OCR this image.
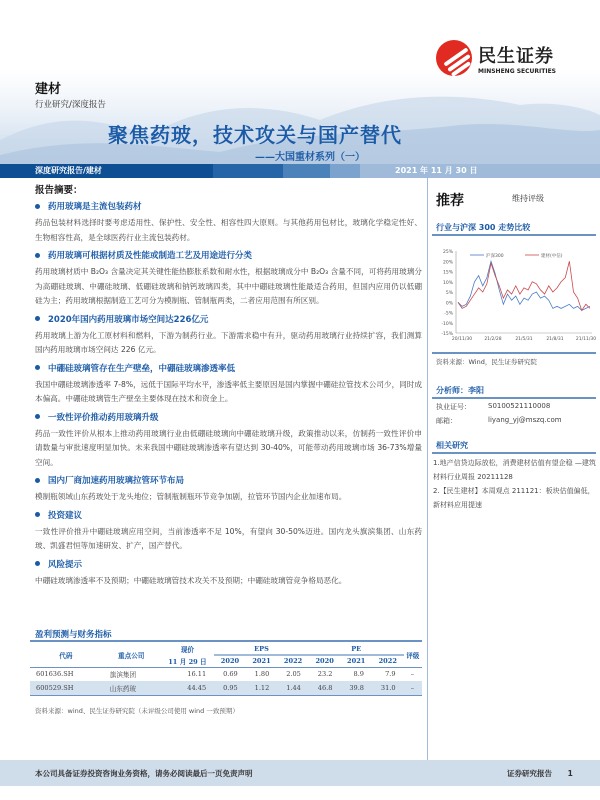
民生证券
MINSHENG SECURITIES
建材
行业研究/深度报告
聚焦药玻，技术攻关与国产替代
——大国重材系列（一）
深度研究报告/建材	2021 年 11 月 30 日
报告摘要：
药用玻璃是主流包装药材

药品包装材料选择时要考虑适用性、保护性、安全性、相容性四大原则。与其他药用包材比，玻璃化学稳定性好、生物相容性高，是全球医药行业主流包装药材。

药用玻璃可根据材质及性能或制造工艺及用途进行分类

药用玻璃材质中 B₂O₃ 含量决定其关键性能热膨胀系数和耐水性，根据玻璃成分中 B₂O₃ 含量不同，可将药用玻璃分为高硼硅玻璃、中硼硅玻璃、低硼硅玻璃和钠钙玻璃四类，其中中硼硅玻璃性能最适合药用，但国内应用仍以低硼硅为主；药用玻璃根据制造工艺可分为模制瓶、管制瓶两类，二者应用范围有所区别。

2020年国内药用玻璃市场空间达226亿元

药用玻璃上游为化工原材料和燃料，下游为制药行业。下游需求稳中有升，驱动药用玻璃行业持续扩容，我们测算国内药用玻璃市场空间达 226 亿元。

中硼硅玻璃管存在生产壁垒，中硼硅玻璃渗透率低

我国中硼硅玻璃渗透率 7-8%，远低于国际平均水平，渗透率低主要原因是国内掌握中硼硅拉管技术公司少，同时成本偏高。中硼硅玻璃管生产壁垒主要体现在技术和资金上。

一致性评价推动药用玻璃升级

药品一致性评价从根本上推动药用玻璃行业由低硼硅玻璃向中硼硅玻璃升级，政策推动以来，仿制药一致性评价申请数量与审批速度明显加快。未来我国中硼硅玻璃渗透率有望达到 30-40%，可能带动药用玻璃市场 36-73%增量空间。

国内厂商加速药用玻璃拉管环节布局

模制瓶领域山东药玻处于龙头地位；管制瓶制瓶环节竞争加剧，拉管环节国内企业加速布局。

投资建议

一致性评价推升中硼硅玻璃应用空间，当前渗透率不足 10%，有望向 30-50%迈进。国内龙头旗滨集团、山东药玻、凯盛君恒等加速研发、扩产，国产替代。

风险提示

中硼硅玻璃渗透率不及预期；中硼硅玻璃管技术攻关不及预期；中硼硅玻璃管竞争格局恶化。

盈利预测与财务指标
代码	重点公司	现价	EPS			PE			评级
		11 月 29 日	2020	2021	2022	2020	2021	2022	
601636.SH	旗滨集团	16.11	0.69	1.80	2.05	23.2	8.9	7.9	–
600529.SH	山东药玻	44.45	0.95	1.12	1.44	46.8	39.8	31.0	–
资料来源：wind、民生证券研究院（未评级公司使用 wind 一致预期）
推荐	维持评级
行业与沪深 300 走势比较
25%
20%
15%
10%
5%
0%
-5%
-10%
-15%
20/11/30	21/2/28	21/5/31	21/8/31	21/11/30
沪深300	建材(中信)
资料来源：Wind，民生证券研究院
分析师：李阳
执业证号：	S0100521110008
邮箱：	liyang_yj@mszq.com
相关研究
1.地产信贷边际放松，消费建材估值有望企稳 —建筑材料行业周报 20211128
2.【民生建材】本周观点 211121：板块估值偏低，新材料应用提速
本公司具备证券投资咨询业务资格，请务必阅读最后一页免责声明	证券研究报告 1
